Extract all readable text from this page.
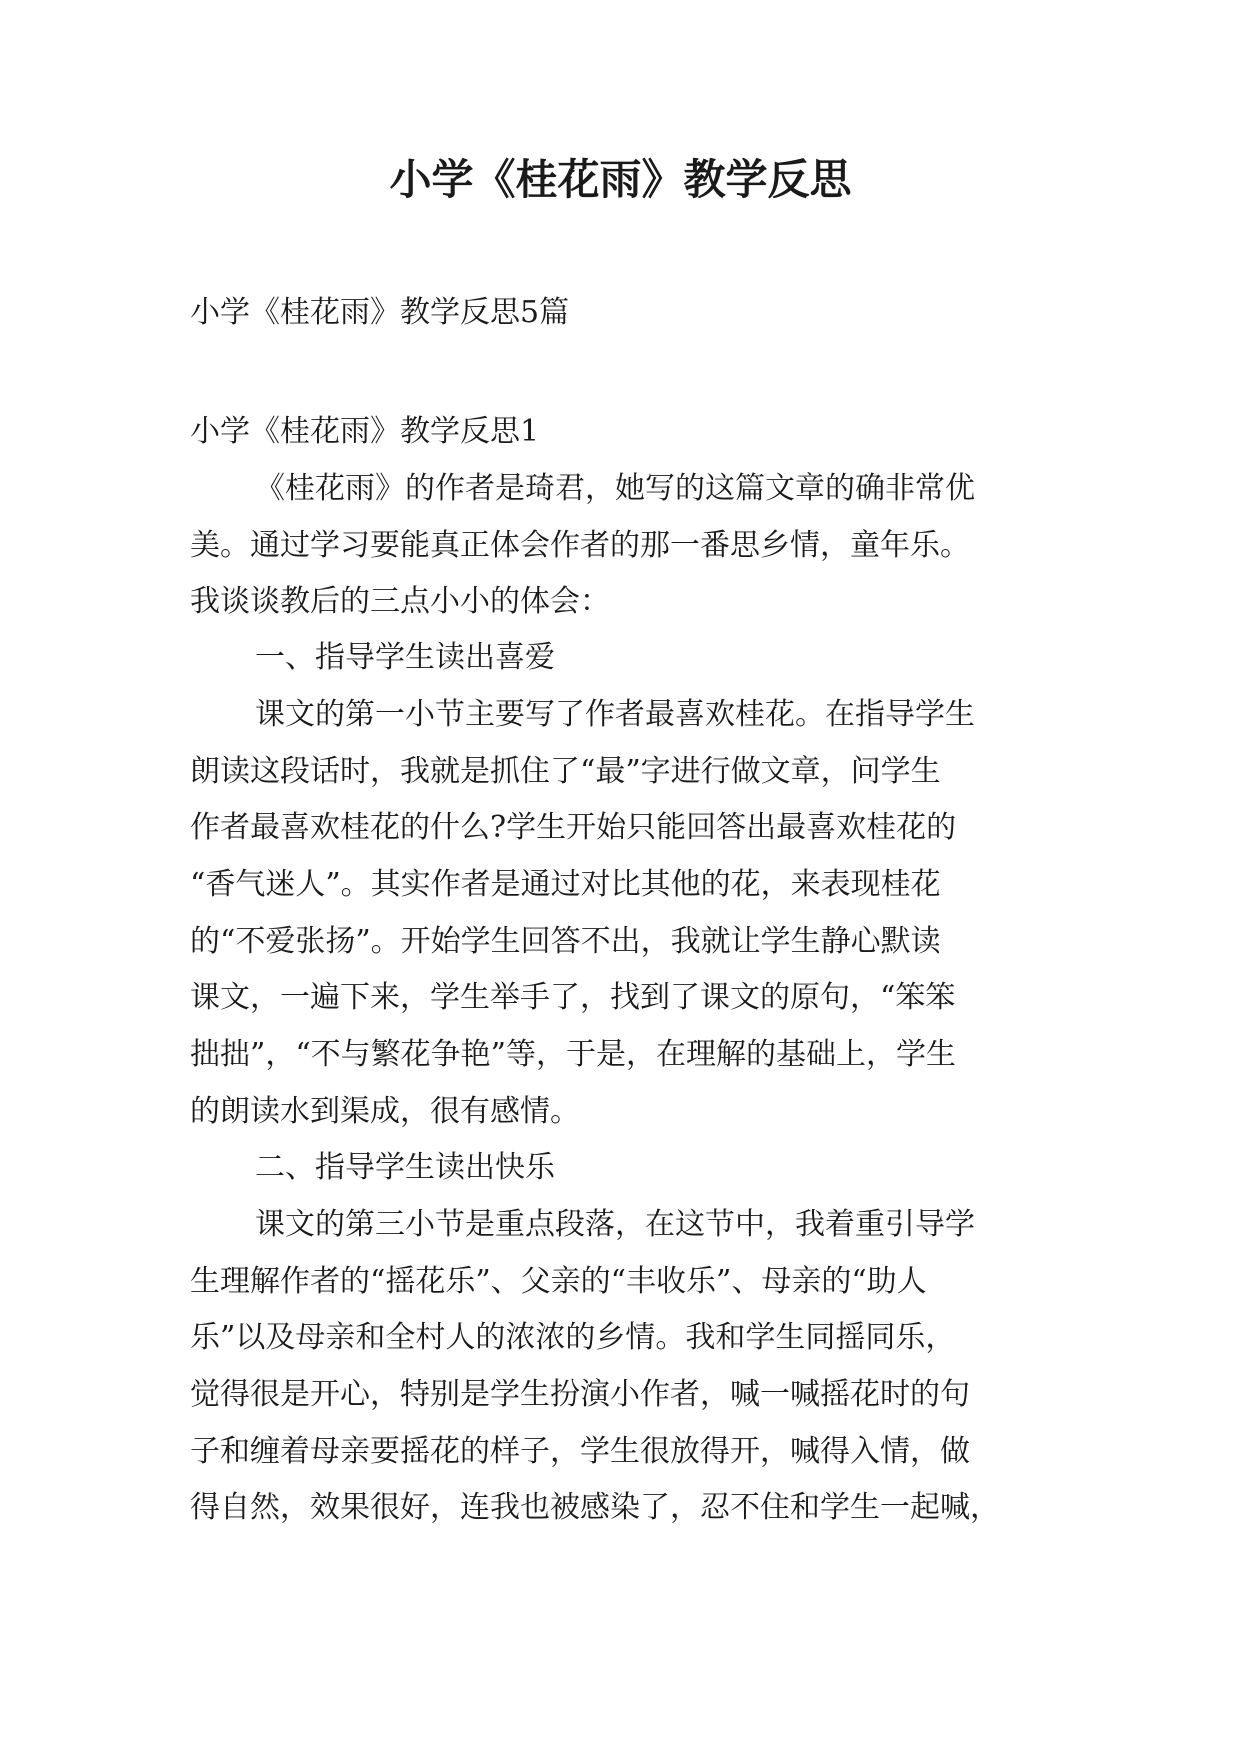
小学《桂花雨》教学反思
小学《桂花雨》教学反思5篇
小学《桂花雨》教学反思1
《桂花雨》的作者是琦君，她写的这篇文章的确非常优
美。通过学习要能真正体会作者的那一番思乡情，童年乐。
我谈谈教后的三点小小的体会：
一、指导学生读出喜爱
课文的第一小节主要写了作者最喜欢桂花。在指导学生
朗读这段话时，我就是抓住了“最”字进行做文章，问学生
作者最喜欢桂花的什么?学生开始只能回答出最喜欢桂花的
“香气迷人”。其实作者是通过对比其他的花，来表现桂花
的“不爱张扬”。开始学生回答不出，我就让学生静心默读
课文，一遍下来，学生举手了，找到了课文的原句，“笨笨
拙拙”，“不与繁花争艳”等，于是，在理解的基础上，学生
的朗读水到渠成，很有感情。
二、指导学生读出快乐
课文的第三小节是重点段落，在这节中，我着重引导学
生理解作者的“摇花乐”、父亲的“丰收乐”、母亲的“助人
乐”以及母亲和全村人的浓浓的乡情。我和学生同摇同乐，
觉得很是开心，特别是学生扮演小作者，喊一喊摇花时的句
子和缠着母亲要摇花的样子，学生很放得开，喊得入情，做
得自然，效果很好，连我也被感染了，忍不住和学生一起喊，
